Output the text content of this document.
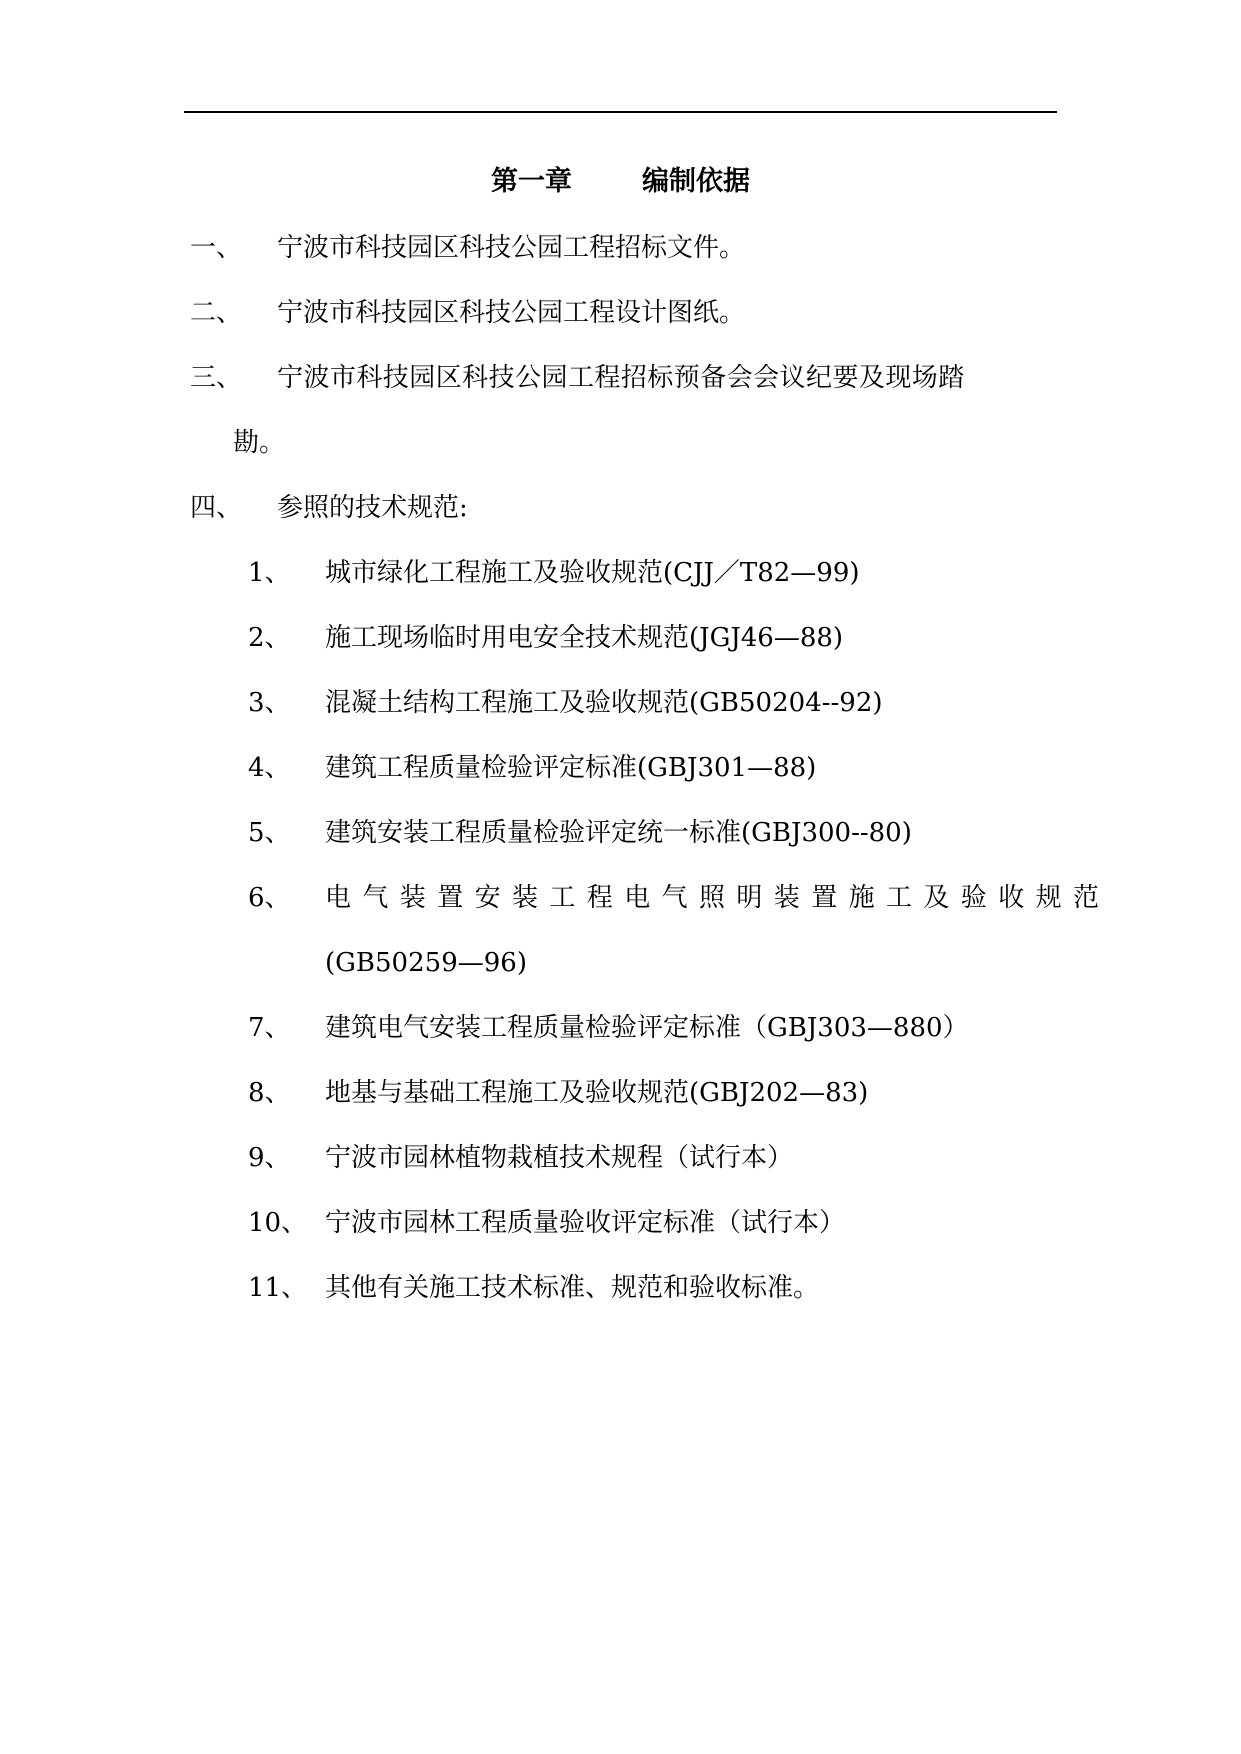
第一章	编制依据
一、 宁波市科技园区科技公园工程招标文件。
二、 宁波市科技园区科技公园工程设计图纸。
三、 宁波市科技园区科技公园工程招标预备会会议纪要及现场踏
勘。
四、 参照的技术规范:
1、 城市绿化工程施工及验收规范(CJJ／T82—99)
2、 施工现场临时用电安全技术规范(JGJ46—88)
3、 混凝土结构工程施工及验收规范(GB50204--92)
4、 建筑工程质量检验评定标准(GBJ301—88)
5、 建筑安装工程质量检验评定统一标准(GBJ300--80)
6、 电气装置安装工程电气照明装置施工及验收规范
(GB50259—96)
7、 建筑电气安装工程质量检验评定标准（GBJ303—880）
8、 地基与基础工程施工及验收规范(GBJ202—83)
9、 宁波市园林植物栽植技术规程（试行本）
10、 宁波市园林工程质量验收评定标准（试行本）
11、 其他有关施工技术标准、规范和验收标准。
